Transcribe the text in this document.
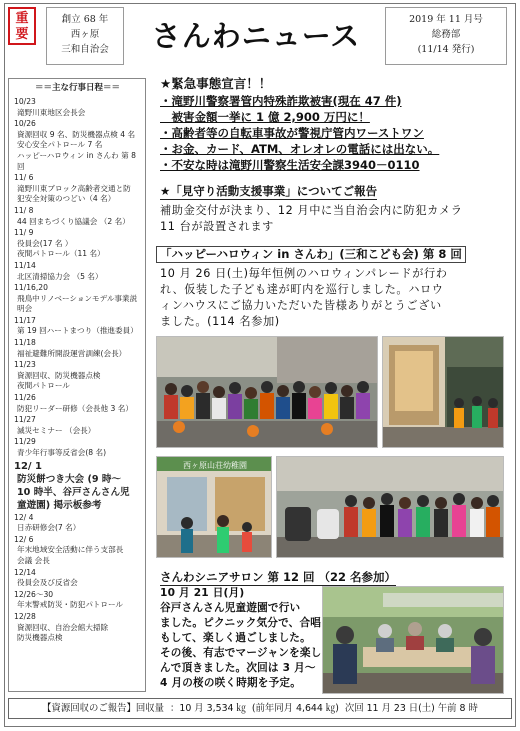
重
要
創立 68 年
西ヶ原
三和自治会	さんわニュース	2019 年 11 月号
総務部
(11/14 発行)
＝＝主な行事日程＝＝
10/23
滝野川東地区会長会
10/26
資源回収 9 名、防災機器点検 4 名
安心安全パトロール 7 名
ハッピーハロウィン in さんわ 第 8 回
11/ 6
滝野川東ブロック高齢者交通と防
犯安全対策のつどい（4 名）
11/ 8
44 回まちづくり協議会 （2 名）
11/ 9
役員会(17 名 ）
夜間パトロール（11 名）
11/14
北区清掃協力会 （5 名）
11/16,20
飛鳥中リノベーションモデル事業説明会
11/17
第 19 回ハートまつり（推進委員）
11/18
福祉避難所開設運営訓練(会長）
11/23
資源回収、防災機器点検
夜間パトロール
11/26
防犯リーダー研修（会長他 3 名）
11/27
滅災セミナー （会長）
11/29
青少年行事等反省会(8 名)
12/ 1
防災餅つき大会 (9 時～
10 時半、谷戸さんさん児
童遊園) 掲示板参考
12/ 4
日赤研修会(7 名）
12/ 6
年末地域安全活動に伴う支部長
会議 会長
12/14
役員会及び反省会
12/26～30
年末警戒防災・防犯パトロール
12/28
資源回収、自治会館大掃除
防災機器点検
★緊急事態宣言！！
・滝野川警察署管内特殊詐欺被害(現在 47 件)
　被害金額一挙に 1 億 2,900 万円に！
・高齢者等の自転車事故が警視庁管内ワーストワン
・お金、カード、ATM、オレオレの電話には出ない。
・不安な時は滝野川警察生活安全課3940－0110
★「見守り活動支援事業」についてご報告
補助金交付が決まり、12 月中に当自治会内に防犯カメラ
11 台が設置されます
「ハッピーハロウィン in さんわ」(三和こども会) 第 8 回
10 月 26 日(土)毎年恒例のハロウィンパレードが行わ
れ、仮装した子ども達が町内を巡行しました。ハロウ
ィンハウスにご協力いただいた皆様ありがとうござい
ました。(114 名参加)
西ヶ原山荘幼稚園
さんわシニアサロン 第 12 回 （22 名参加）
10 月 21 日(月)
谷戸さんさん児童遊園で行い
ました。ピクニック気分で、合唱
もして、楽しく過ごしました。
その後、有志でマージャンを楽し
んで頂きました。次回は 3 月～
4 月の桜の咲く時期を予定。
【資源回収のご報告】回収量 ：10 月 3,534 ㎏ (前年同月 4,644 ㎏) 次回 11 月 23 日(土) 午前 8 時
